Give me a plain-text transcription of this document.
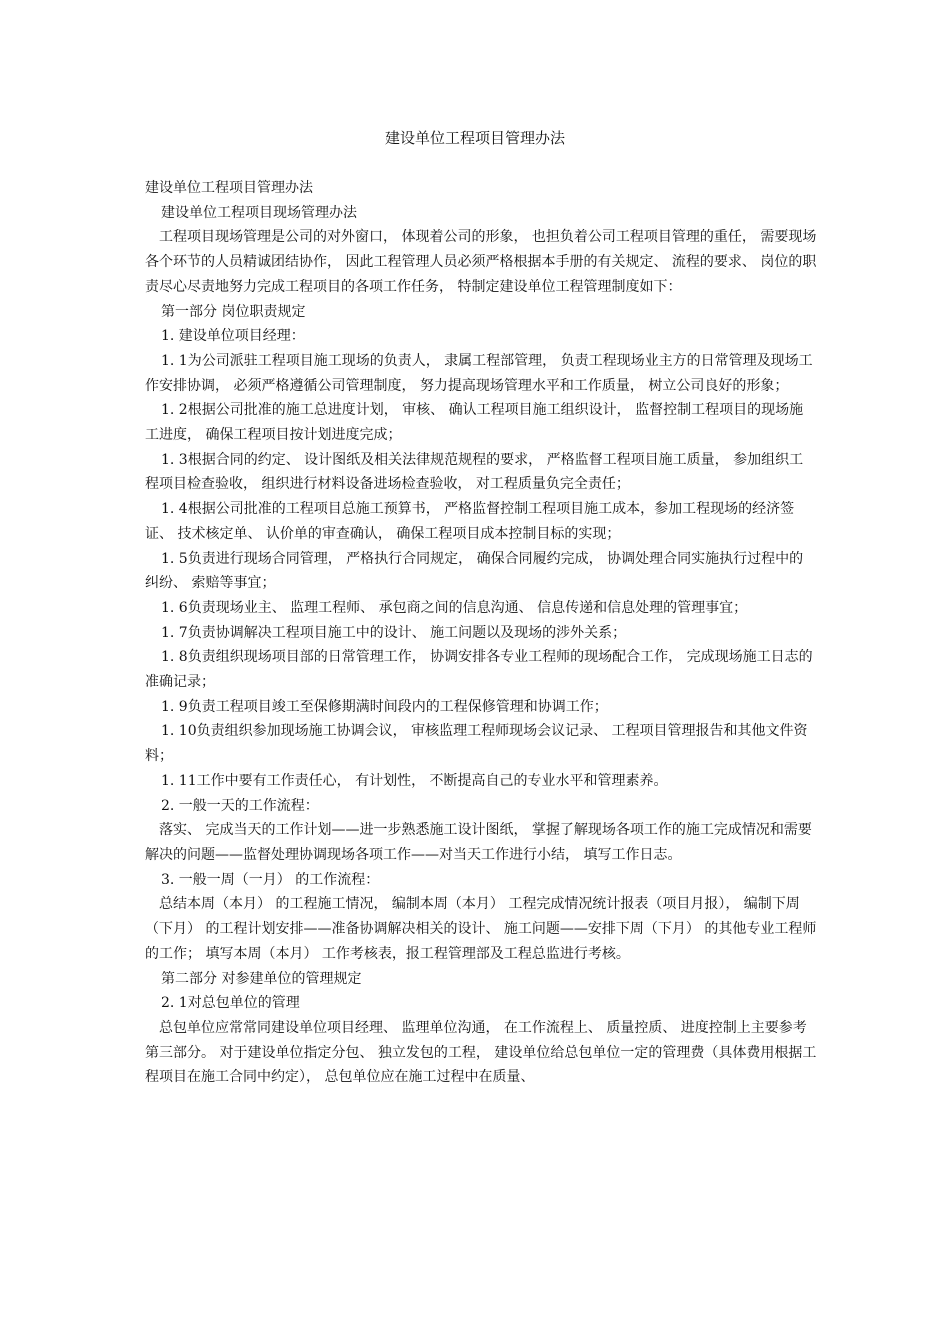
建设单位工程项目管理办法

建设单位工程项目管理办法

建设单位工程项目现场管理办法

工程项目现场管理是公司的对外窗口， 体现着公司的形象， 也担负着公司工程项目管理的重任， 需要现场各个环节的人员精诚团结协作， 因此工程管理人员必须严格根据本手册的有关规定、 流程的要求、 岗位的职责尽心尽责地努力完成工程项目的各项工作任务， 特制定建设单位工程管理制度如下：

第一部分 岗位职责规定

1. 建设单位项目经理：

1. 1为公司派驻工程项目施工现场的负责人， 隶属工程部管理， 负责工程现场业主方的日常管理及现场工作安排协调， 必须严格遵循公司管理制度， 努力提高现场管理水平和工作质量， 树立公司良好的形象；

1. 2根据公司批准的施工总进度计划， 审核、 确认工程项目施工组织设计， 监督控制工程项目的现场施工进度， 确保工程项目按计划进度完成；

1. 3根据合同的约定、 设计图纸及相关法律规范规程的要求， 严格监督工程项目施工质量， 参加组织工程项目检查验收， 组织进行材料设备进场检查验收， 对工程质量负完全责任；

1. 4根据公司批准的工程项目总施工预算书， 严格监督控制工程项目施工成本，参加工程现场的经济签证、 技术核定单、 认价单的审查确认， 确保工程项目成本控制目标的实现；

1. 5负责进行现场合同管理， 严格执行合同规定， 确保合同履约完成， 协调处理合同实施执行过程中的纠纷、 索赔等事宜；

1. 6负责现场业主、 监理工程师、 承包商之间的信息沟通、 信息传递和信息处理的管理事宜；

1. 7负责协调解决工程项目施工中的设计、 施工问题以及现场的涉外关系；

1. 8负责组织现场项目部的日常管理工作， 协调安排各专业工程师的现场配合工作， 完成现场施工日志的准确记录；

1. 9负责工程项目竣工至保修期满时间段内的工程保修管理和协调工作；

1. 10负责组织参加现场施工协调会议， 审核监理工程师现场会议记录、 工程项目管理报告和其他文件资料；

1. 11工作中要有工作责任心， 有计划性， 不断提高自己的专业水平和管理素养。

2. 一般一天的工作流程：

落实、 完成当天的工作计划——进一步熟悉施工设计图纸， 掌握了解现场各项工作的施工完成情况和需要解决的问题——监督处理协调现场各项工作——对当天工作进行小结， 填写工作日志。

3. 一般一周（一月） 的工作流程：

总结本周（本月） 的工程施工情况， 编制本周（本月） 工程完成情况统计报表（项目月报）， 编制下周（下月） 的工程计划安排——准备协调解决相关的设计、 施工问题——安排下周（下月） 的其他专业工程师的工作； 填写本周（本月） 工作考核表，报工程管理部及工程总监进行考核。

第二部分 对参建单位的管理规定

2. 1对总包单位的管理

总包单位应常常同建设单位项目经理、 监理单位沟通， 在工作流程上、 质量控质、 进度控制上主要参考第三部分。 对于建设单位指定分包、 独立发包的工程， 建设单位给总包单位一定的管理费（具体费用根据工程项目在施工合同中约定）， 总包单位应在施工过程中在质量、
